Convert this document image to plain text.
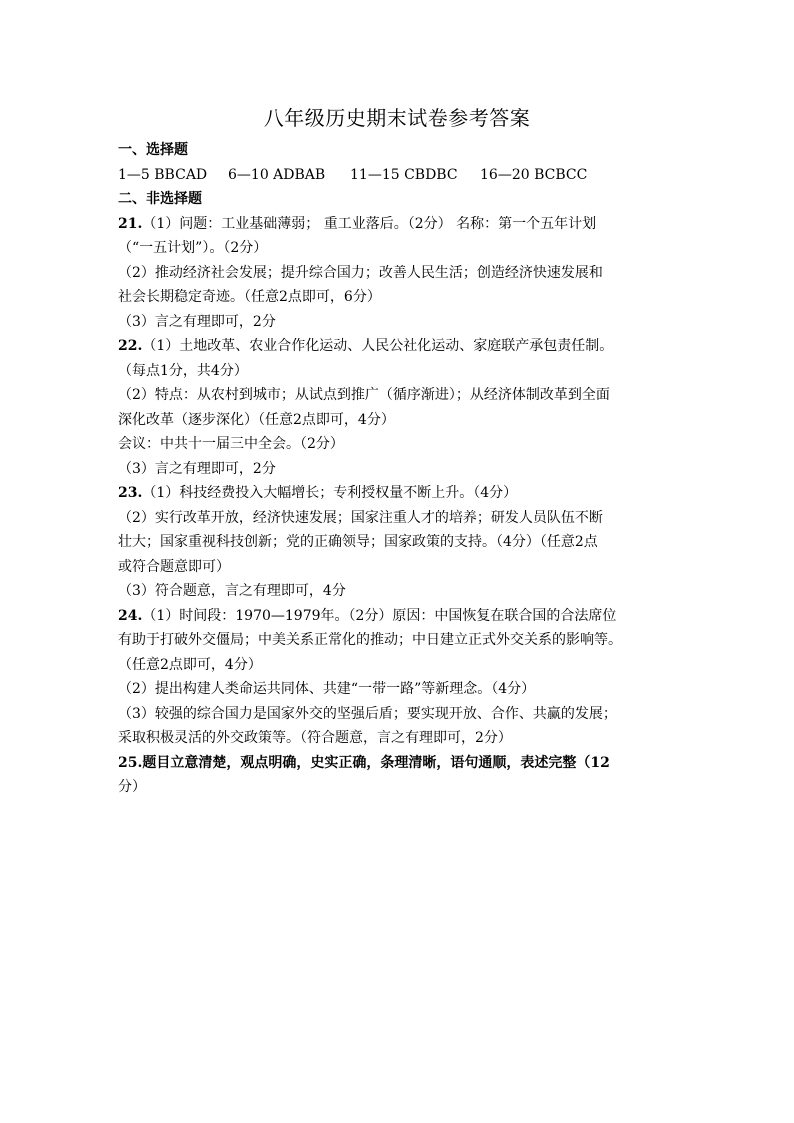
八年级历史期末试卷参考答案
一、选择题
1—5 BBCAD 6—10 ADBAB 11—15 CBDBC 16—20 BCBCC
二、非选择题
21.（1）问题：工业基础薄弱； 重工业落后。（2分） 名称：第一个五年计划
（“一五计划”）。（2分）
（2）推动经济社会发展；提升综合国力；改善人民生活；创造经济快速发展和
社会长期稳定奇迹。（任意2点即可，6分）
（3）言之有理即可，2分
22.（1）土地改革、农业合作化运动、人民公社化运动、家庭联产承包责任制。
（每点1分，共4分）
（2）特点：从农村到城市；从试点到推广（循序渐进）；从经济体制改革到全面
深化改革（逐步深化）（任意2点即可，4分）
会议：中共十一届三中全会。（2分）
（3）言之有理即可，2分
23.（1）科技经费投入大幅增长；专利授权量不断上升。（4分）
（2）实行改革开放，经济快速发展；国家注重人才的培养；研发人员队伍不断
壮大；国家重视科技创新；党的正确领导；国家政策的支持。（4分）（任意2点
或符合题意即可）
（3）符合题意，言之有理即可，4分
24.（1）时间段：1970—1979年。（2分）原因：中国恢复在联合国的合法席位
有助于打破外交僵局；中美关系正常化的推动；中日建立正式外交关系的影响等。
（任意2点即可，4分）
（2）提出构建人类命运共同体、共建“一带一路”等新理念。（4分）
（3）较强的综合国力是国家外交的坚强后盾；要实现开放、合作、共赢的发展；
采取积极灵活的外交政策等。（符合题意，言之有理即可，2分）
25.题目立意清楚，观点明确，史实正确，条理清晰，语句通顺，表述完整（12
分）
